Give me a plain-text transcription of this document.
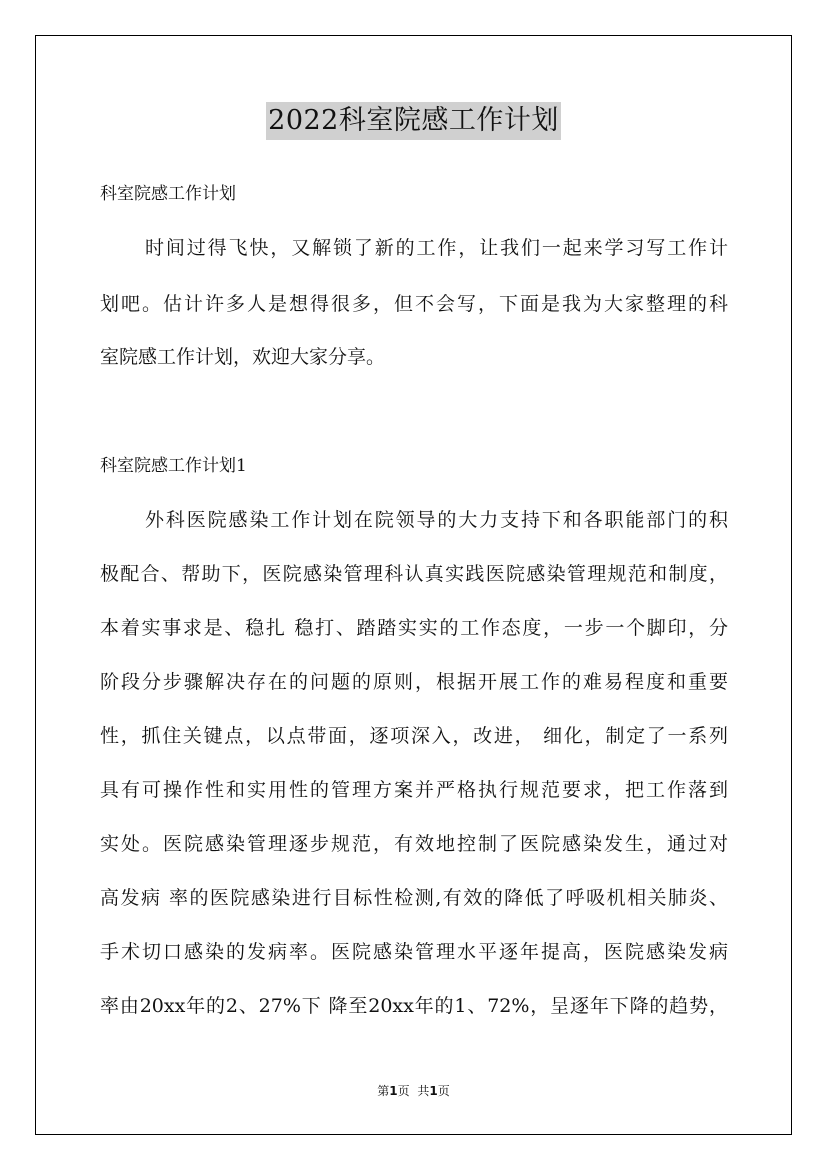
2022科室院感工作计划
科室院感工作计划
时间过得飞快，又解锁了新的工作，让我们一起来学习写工作计
划吧。估计许多人是想得很多，但不会写，下面是我为大家整理的科
室院感工作计划，欢迎大家分享。
科室院感工作计划1
外科医院感染工作计划在院领导的大力支持下和各职能部门的积
极配合、帮助下，医院感染管理科认真实践医院感染管理规范和制度，
本着实事求是、稳扎 稳打、踏踏实实的工作态度，一步一个脚印，分
阶段分步骤解决存在的问题的原则，根据开展工作的难易程度和重要
性，抓住关键点，以点带面，逐项深入，改进， 细化，制定了一系列
具有可操作性和实用性的管理方案并严格执行规范要求，把工作落到
实处。医院感染管理逐步规范，有效地控制了医院感染发生，通过对
高发病 率的医院感染进行目标性检测,有效的降低了呼吸机相关肺炎、
手术切口感染的发病率。医院感染管理水平逐年提高，医院感染发病
率由20xx年的2、27%下 降至20xx年的1、72%，呈逐年下降的趋势，
第1页 共1页
